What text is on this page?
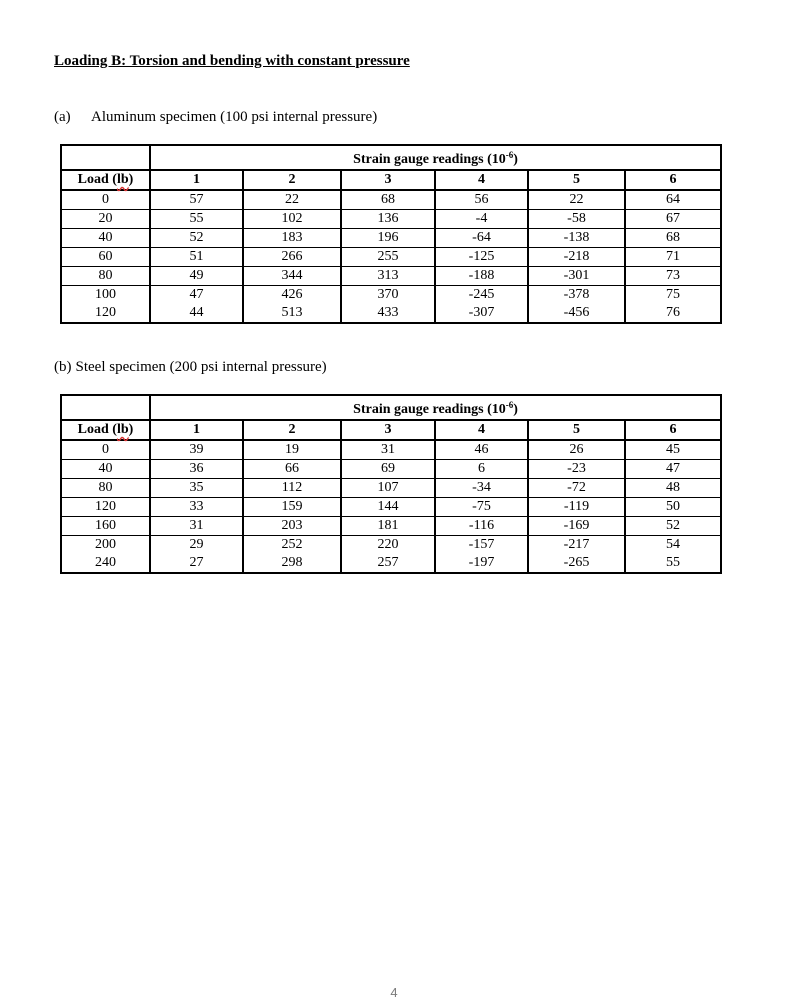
Loading B: Torsion and bending with constant pressure
(a) Aluminum specimen (100 psi internal pressure)
	Strain gauge readings $(10^{-6})$					
Load (lb)	1	2	3	4	5	6
0	57	22	68	56	22	64
20	55	102	136	-4	-58	67
40	52	183	196	-64	-138	68
60	51	266	255	-125	-218	71
80	49	344	313	-188	-301	73
100	47	426	370	-245	-378	75
120	44	513	433	-307	-456	76
(b) Steel specimen (200 psi internal pressure)
	Strain gauge readings $(10^{-6})$					
Load (lb)	1	2	3	4	5	6
0	39	19	31	46	26	45
40	36	66	69	6	-23	47
80	35	112	107	-34	-72	48
120	33	159	144	-75	-119	50
160	31	203	181	-116	-169	52
200	29	252	220	-157	-217	54
240	27	298	257	-197	-265	55
4
